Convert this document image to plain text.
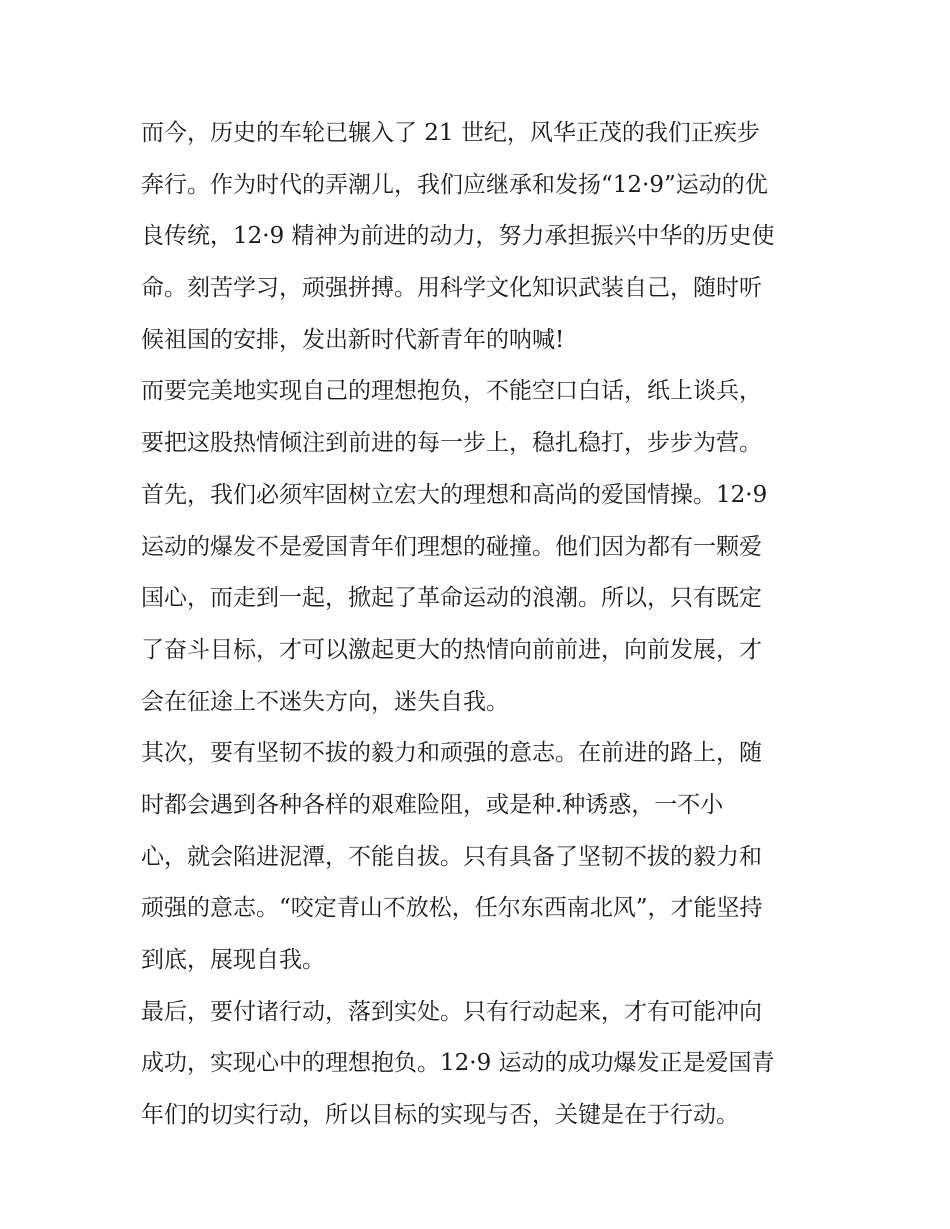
而今，历史的车轮已辗入了 21 世纪，风华正茂的我们正疾步
奔行。作为时代的弄潮儿，我们应继承和发扬“12·9”运动的优
良传统，12·9 精神为前进的动力，努力承担振兴中华的历史使
命。刻苦学习，顽强拼搏。用科学文化知识武装自己，随时听
候祖国的安排，发出新时代新青年的呐喊!
而要完美地实现自己的理想抱负，不能空口白话，纸上谈兵，
要把这股热情倾注到前进的每一步上，稳扎稳打，步步为营。
首先，我们必须牢固树立宏大的理想和高尚的爱国情操。12·9
运动的爆发不是爱国青年们理想的碰撞。他们因为都有一颗爱
国心，而走到一起，掀起了革命运动的浪潮。所以，只有既定
了奋斗目标，才可以激起更大的热情向前前进，向前发展，才
会在征途上不迷失方向，迷失自我。
其次，要有坚韧不拔的毅力和顽强的意志。在前进的路上，随
时都会遇到各种各样的艰难险阻，或是种.种诱惑，一不小
心，就会陷进泥潭，不能自拔。只有具备了坚韧不拔的毅力和
顽强的意志。“咬定青山不放松，任尔东西南北风”，才能坚持
到底，展现自我。
最后，要付诸行动，落到实处。只有行动起来，才有可能冲向
成功，实现心中的理想抱负。12·9 运动的成功爆发正是爱国青
年们的切实行动，所以目标的实现与否，关键是在于行动。
